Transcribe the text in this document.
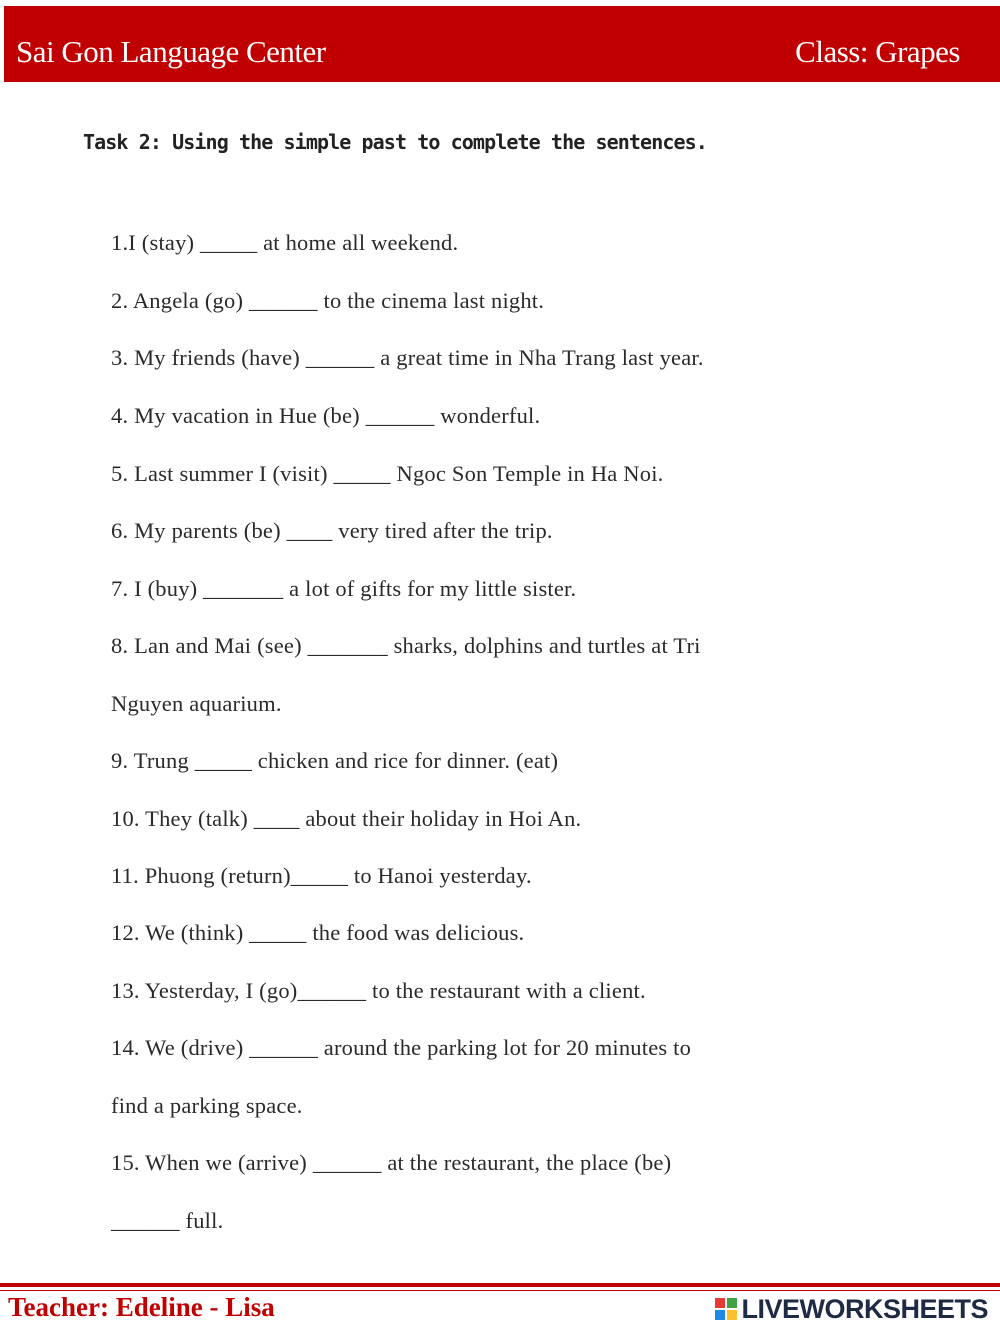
Sai Gon Language Center	Class: Grapes
Task 2: Using the simple past to complete the sentences.
1.I (stay) _____ at home all weekend.
2. Angela (go) ______ to the cinema last night.
3. My friends (have) ______ a great time in Nha Trang last year.
4. My vacation in Hue (be) ______ wonderful.
5. Last summer I (visit) _____ Ngoc Son Temple in Ha Noi.
6. My parents (be) ____ very tired after the trip.
7. I (buy) _______ a lot of gifts for my little sister.
8. Lan and Mai (see) _______ sharks, dolphins and turtles at Tri
Nguyen aquarium.
9. Trung _____ chicken and rice for dinner. (eat)
10. They (talk) ____ about their holiday in Hoi An.
11. Phuong (return)_____ to Hanoi yesterday.
12. We (think) _____ the food was delicious.
13. Yesterday, I (go)______ to the restaurant with a client.
14. We (drive) ______ around the parking lot for 20 minutes to
find a parking space.
15. When we (arrive) ______ at the restaurant, the place (be)
______ full.
Teacher: Edeline - Lisa	LIVEWORKSHEETS
